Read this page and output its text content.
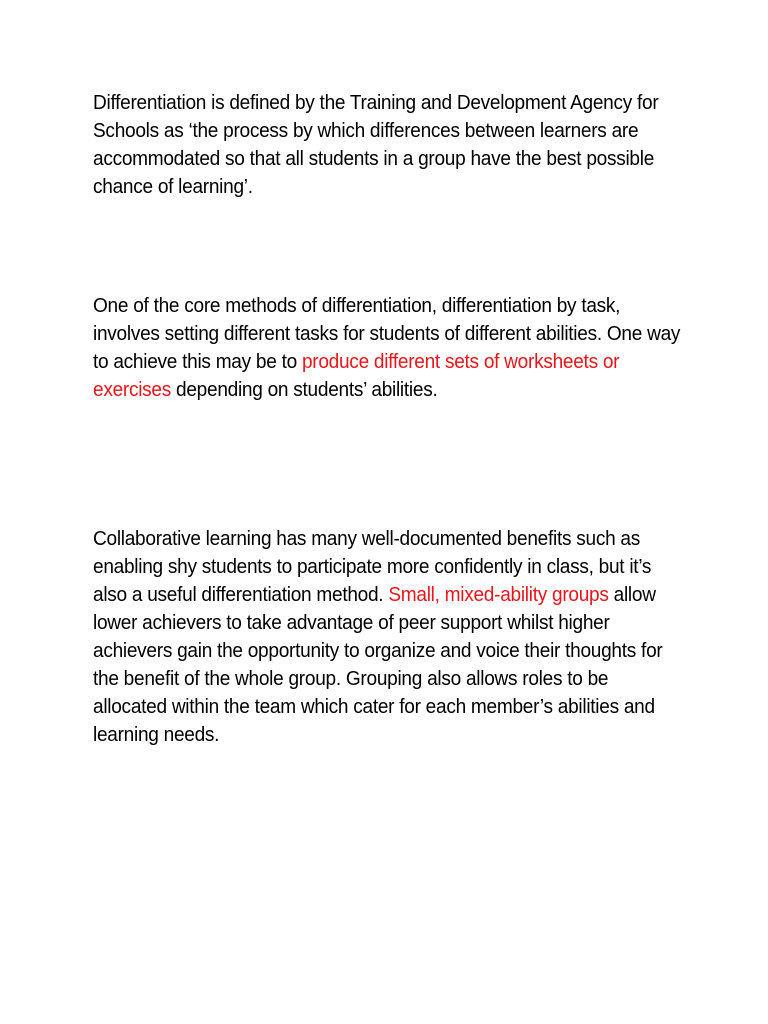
Differentiation is defined by the Training and Development Agency for Schools as ‘the process by which differences between learners are accommodated so that all students in a group have the best possible chance of learning’.

One of the core methods of differentiation, differentiation by task, involves setting different tasks for students of different abilities. One way to achieve this may be to produce different sets of worksheets or exercises depending on students’ abilities.

Collaborative learning has many well-documented benefits such as enabling shy students to participate more confidently in class, but it’s also a useful differentiation method. Small, mixed-ability groups allow lower achievers to take advantage of peer support whilst higher achievers gain the opportunity to organize and voice their thoughts for the benefit of the whole group. Grouping also allows roles to be allocated within the team which cater for each member’s abilities and learning needs.
